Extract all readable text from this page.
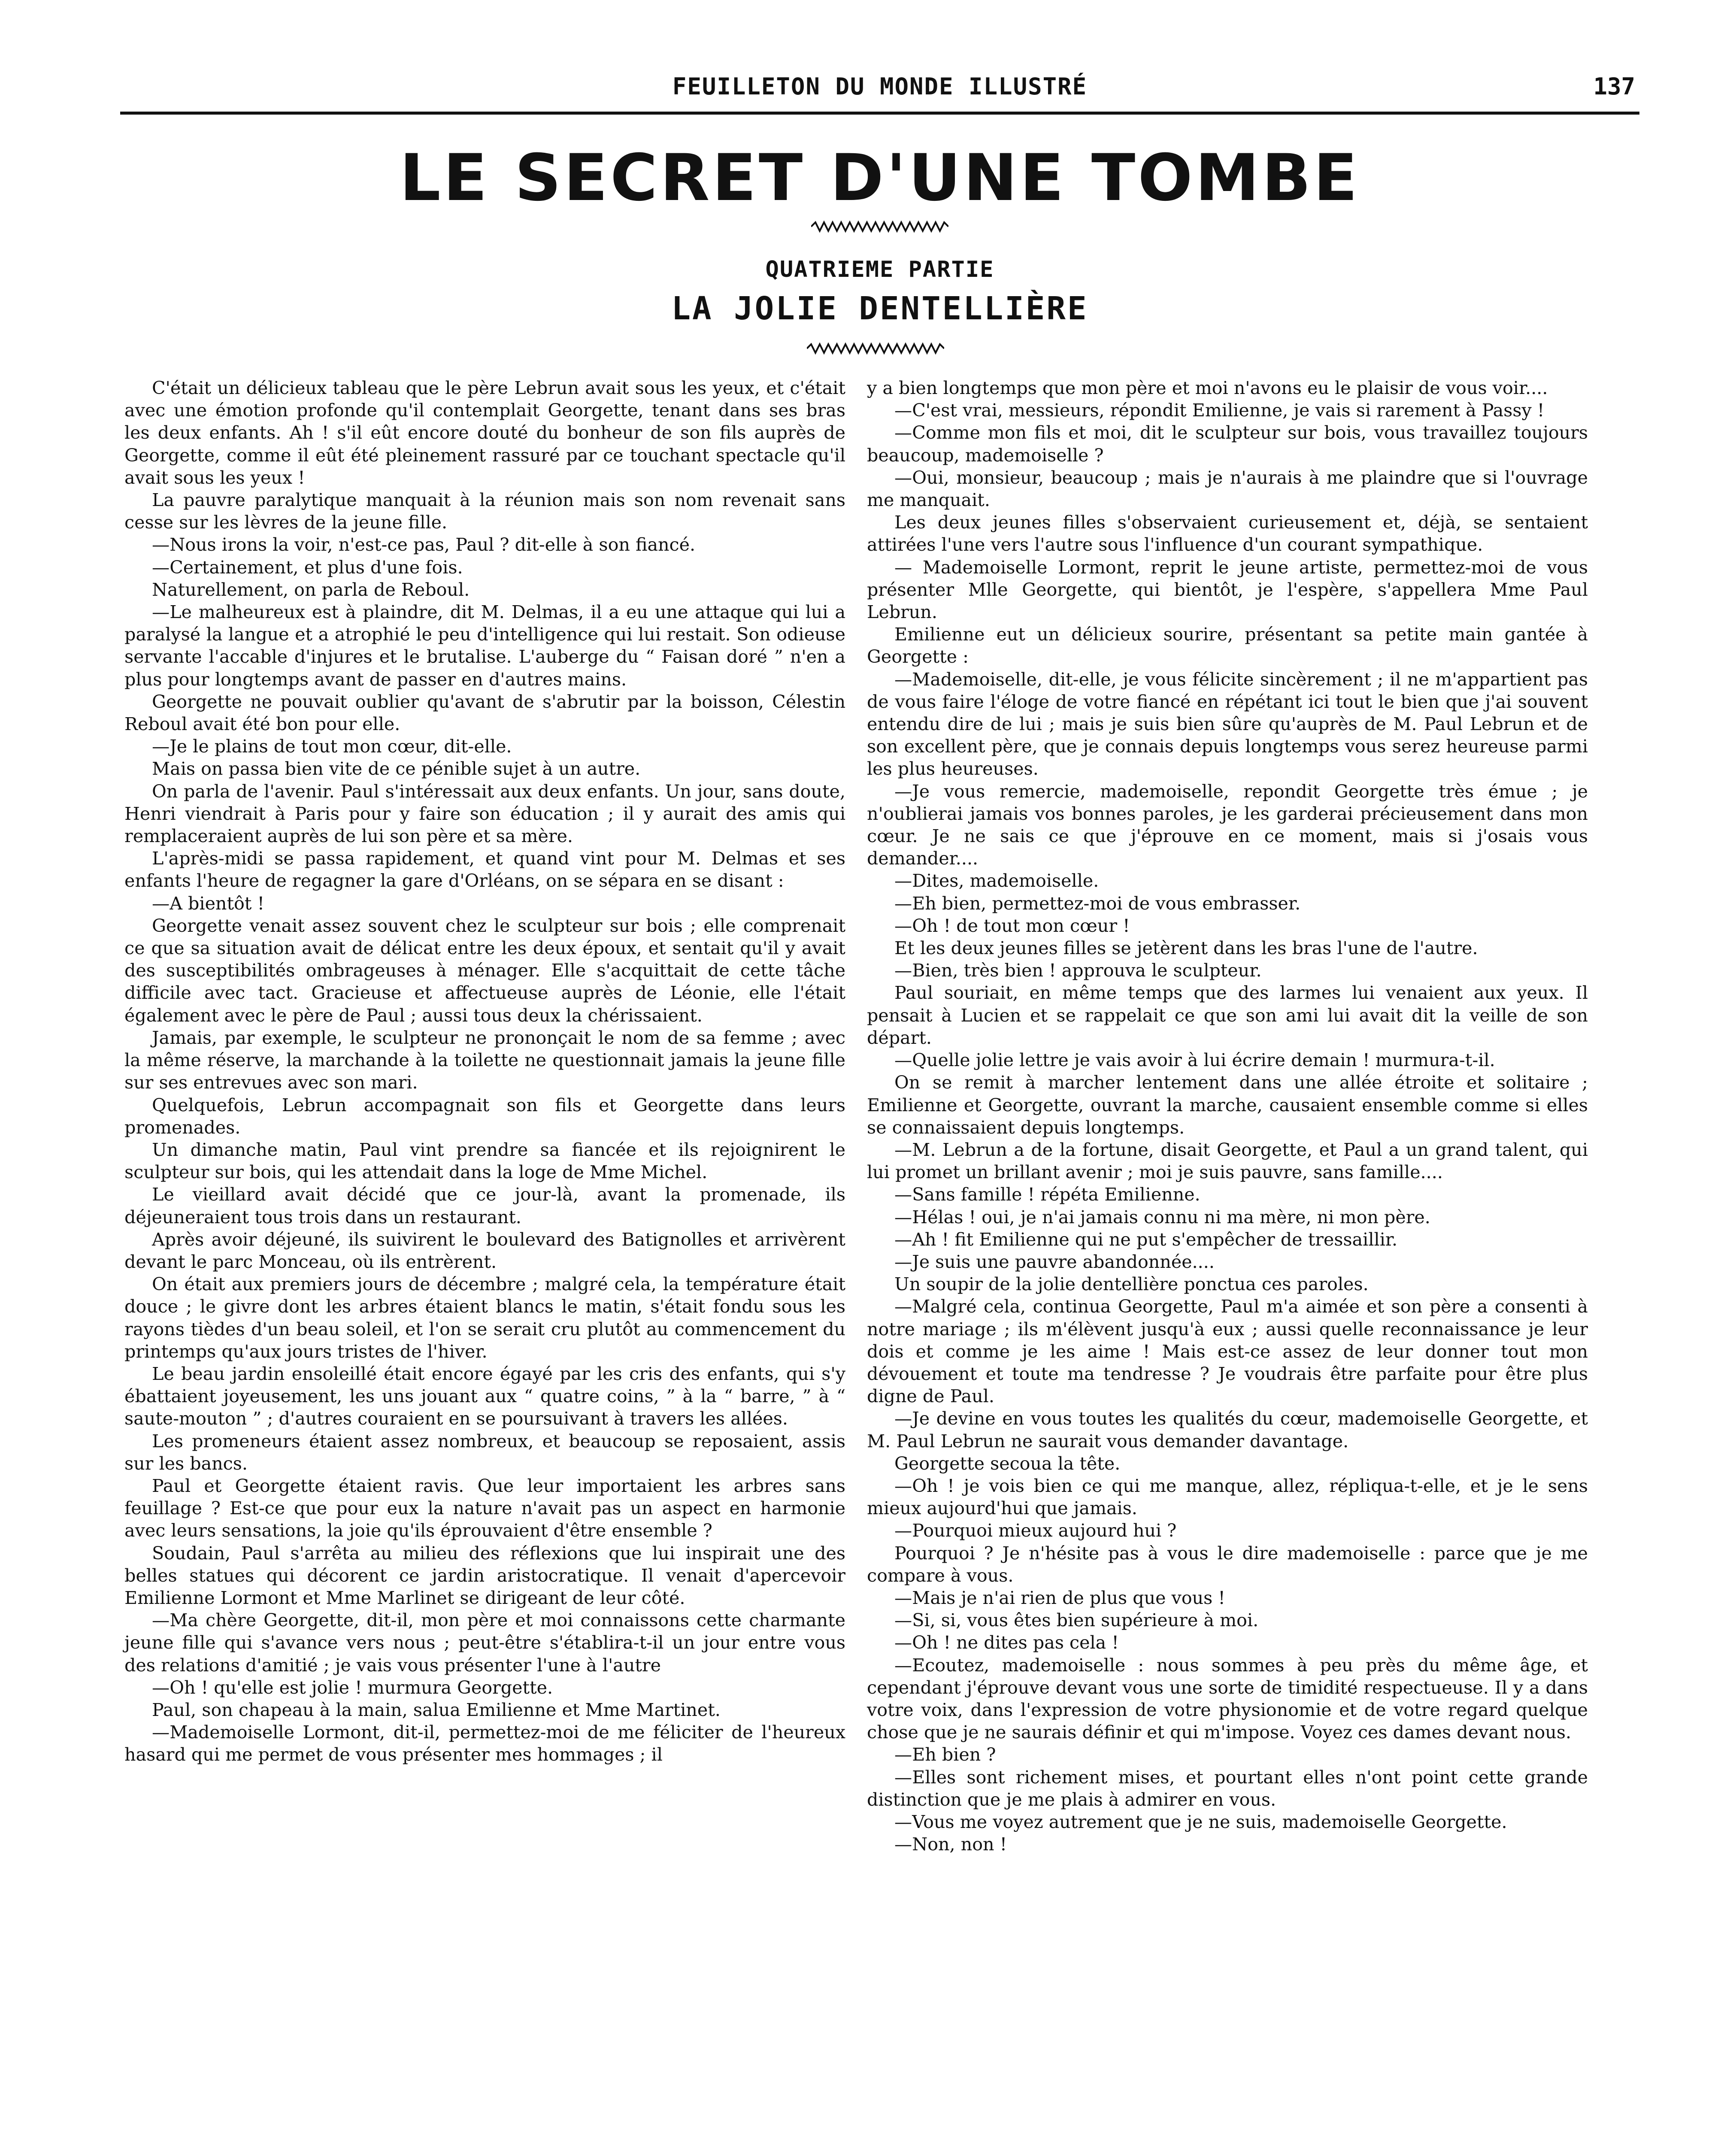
FEUILLETON DU MONDE ILLUSTRÉ	137
LE SECRET D'UNE TOMBE
QUATRIEME PARTIE
LA JOLIE DENTELLIÈRE

C'était un délicieux tableau que le père Lebrun avait sous les yeux, et c'était avec une émotion profonde qu'il contemplait Georgette, tenant dans ses bras les deux enfants. Ah ! s'il eût encore douté du bonheur de son fils auprès de Georgette, comme il eût été pleinement rassuré par ce touchant spectacle qu'il avait sous les yeux !

La pauvre paralytique manquait à la réunion mais son nom revenait sans cesse sur les lèvres de la jeune fille.

—Nous irons la voir, n'est-ce pas, Paul ? dit-elle à son fiancé.

—Certainement, et plus d'une fois.

Naturellement, on parla de Reboul.

—Le malheureux est à plaindre, dit M. Delmas, il a eu une attaque qui lui a paralysé la langue et a atrophié le peu d'intelligence qui lui restait. Son odieuse servante l'accable d'injures et le brutalise. L'auberge du “ Faisan doré ” n'en a plus pour longtemps avant de passer en d'autres mains.

Georgette ne pouvait oublier qu'avant de s'abrutir par la boisson, Célestin Reboul avait été bon pour elle.

—Je le plains de tout mon cœur, dit-elle.

Mais on passa bien vite de ce pénible sujet à un autre.

On parla de l'avenir. Paul s'intéressait aux deux enfants. Un jour, sans doute, Henri viendrait à Paris pour y faire son éducation ; il y aurait des amis qui remplaceraient auprès de lui son père et sa mère.

L'après-midi se passa rapidement, et quand vint pour M. Delmas et ses enfants l'heure de regagner la gare d'Orléans, on se sépara en se disant :

—A bientôt !

Georgette venait assez souvent chez le sculpteur sur bois ; elle comprenait ce que sa situation avait de délicat entre les deux époux, et sentait qu'il y avait des susceptibilités ombrageuses à ménager. Elle s'acquittait de cette tâche difficile avec tact. Gracieuse et affectueuse auprès de Léonie, elle l'était également avec le père de Paul ; aussi tous deux la chérissaient.

Jamais, par exemple, le sculpteur ne prononçait le nom de sa femme ; avec la même réserve, la marchande à la toilette ne questionnait jamais la jeune fille sur ses entrevues avec son mari.

Quelquefois, Lebrun accompagnait son fils et Georgette dans leurs promenades.

Un dimanche matin, Paul vint prendre sa fiancée et ils rejoignirent le sculpteur sur bois, qui les attendait dans la loge de Mme Michel.

Le vieillard avait décidé que ce jour-là, avant la promenade, ils déjeuneraient tous trois dans un restaurant.

Après avoir déjeuné, ils suivirent le boulevard des Batignolles et arrivèrent devant le parc Monceau, où ils entrèrent.

On était aux premiers jours de décembre ; malgré cela, la température était douce ; le givre dont les arbres étaient blancs le matin, s'était fondu sous les rayons tièdes d'un beau soleil, et l'on se serait cru plutôt au commencement du printemps qu'aux jours tristes de l'hiver.

Le beau jardin ensoleillé était encore égayé par les cris des enfants, qui s'y ébattaient joyeusement, les uns jouant aux “ quatre coins, ” à la “ barre, ” à “ saute-mouton ” ; d'autres couraient en se poursuivant à travers les allées.

Les promeneurs étaient assez nombreux, et beaucoup se reposaient, assis sur les bancs.

Paul et Georgette étaient ravis. Que leur importaient les arbres sans feuillage ? Est-ce que pour eux la nature n'avait pas un aspect en harmonie avec leurs sensations, la joie qu'ils éprouvaient d'être ensemble ?

Soudain, Paul s'arrêta au milieu des réflexions que lui inspirait une des belles statues qui décorent ce jardin aristocratique. Il venait d'apercevoir Emilienne Lormont et Mme Marlinet se dirigeant de leur côté.

—Ma chère Georgette, dit-il, mon père et moi connaissons cette charmante jeune fille qui s'avance vers nous ; peut-être s'établira-t-il un jour entre vous des relations d'amitié ; je vais vous présenter l'une à l'autre

—Oh ! qu'elle est jolie ! murmura Georgette.

Paul, son chapeau à la main, salua Emilienne et Mme Martinet.

—Mademoiselle Lormont, dit-il, permettez-moi de me féliciter de l'heureux hasard qui me permet de vous présenter mes hommages ; il

y a bien longtemps que mon père et moi n'avons eu le plaisir de vous voir....

—C'est vrai, messieurs, répondit Emilienne, je vais si rarement à Passy !

—Comme mon fils et moi, dit le sculpteur sur bois, vous travaillez toujours beaucoup, mademoiselle ?

—Oui, monsieur, beaucoup ; mais je n'aurais à me plaindre que si l'ouvrage me manquait.

Les deux jeunes filles s'observaient curieusement et, déjà, se sentaient attirées l'une vers l'autre sous l'influence d'un courant sympathique.

— Mademoiselle Lormont, reprit le jeune artiste, permettez-moi de vous présenter Mlle Georgette, qui bientôt, je l'espère, s'appellera Mme Paul Lebrun.

Emilienne eut un délicieux sourire, présentant sa petite main gantée à Georgette :

—Mademoiselle, dit-elle, je vous félicite sincèrement ; il ne m'appartient pas de vous faire l'éloge de votre fiancé en répétant ici tout le bien que j'ai souvent entendu dire de lui ; mais je suis bien sûre qu'auprès de M. Paul Lebrun et de son excellent père, que je connais depuis longtemps vous serez heureuse parmi les plus heureuses.

—Je vous remercie, mademoiselle, repondit Georgette très émue ; je n'oublierai jamais vos bonnes paroles, je les garderai précieusement dans mon cœur. Je ne sais ce que j'éprouve en ce moment, mais si j'osais vous demander....

—Dites, mademoiselle.

—Eh bien, permettez-moi de vous embrasser.

—Oh ! de tout mon cœur !

Et les deux jeunes filles se jetèrent dans les bras l'une de l'autre.

—Bien, très bien ! approuva le sculpteur.

Paul souriait, en même temps que des larmes lui venaient aux yeux. Il pensait à Lucien et se rappelait ce que son ami lui avait dit la veille de son départ.

—Quelle jolie lettre je vais avoir à lui écrire demain ! murmura-t-il.

On se remit à marcher lentement dans une allée étroite et solitaire ; Emilienne et Georgette, ouvrant la marche, causaient ensemble comme si elles se connaissaient depuis longtemps.

—M. Lebrun a de la fortune, disait Georgette, et Paul a un grand talent, qui lui promet un brillant avenir ; moi je suis pauvre, sans famille....

—Sans famille ! répéta Emilienne.

—Hélas ! oui, je n'ai jamais connu ni ma mère, ni mon père.

—Ah ! fit Emilienne qui ne put s'empêcher de tressaillir.

—Je suis une pauvre abandonnée....

Un soupir de la jolie dentellière ponctua ces paroles.

—Malgré cela, continua Georgette, Paul m'a aimée et son père a consenti à notre mariage ; ils m'élèvent jusqu'à eux ; aussi quelle reconnaissance je leur dois et comme je les aime ! Mais est-ce assez de leur donner tout mon dévouement et toute ma tendresse ? Je voudrais être parfaite pour être plus digne de Paul.

—Je devine en vous toutes les qualités du cœur, mademoiselle Georgette, et M. Paul Lebrun ne saurait vous demander davantage.

Georgette secoua la tête.

—Oh ! je vois bien ce qui me manque, allez, répliqua-t-elle, et je le sens mieux aujourd'hui que jamais.

—Pourquoi mieux aujourd hui ?

Pourquoi ? Je n'hésite pas à vous le dire mademoiselle : parce que je me compare à vous.

—Mais je n'ai rien de plus que vous !

—Si, si, vous êtes bien supérieure à moi.

—Oh ! ne dites pas cela !

—Ecoutez, mademoiselle : nous sommes à peu près du même âge, et cependant j'éprouve devant vous une sorte de timidité respectueuse. Il y a dans votre voix, dans l'expression de votre physionomie et de votre regard quelque chose que je ne saurais définir et qui m'impose. Voyez ces dames devant nous.

—Eh bien ?

—Elles sont richement mises, et pourtant elles n'ont point cette grande distinction que je me plais à admirer en vous.

—Vous me voyez autrement que je ne suis, mademoiselle Georgette.

—Non, non !
